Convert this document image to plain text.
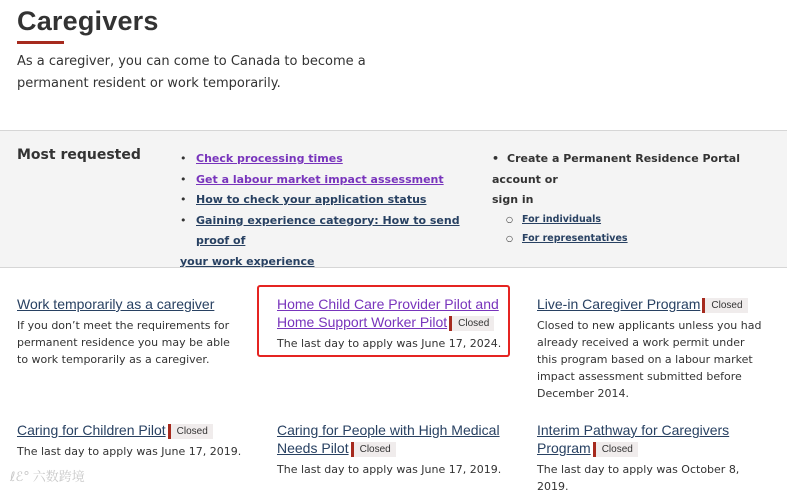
Caregivers

As a caregiver, you can come to Canada to become a permanent resident or work temporarily.

Most requested
•	Check processing times
• Get a labour market impact assessment
• How to check your application status
• Gaining experience category: How to send proof of
your work experience
• Create a Permanent Residence Portal account or
sign in
○ For individuals
○ For representatives
Work temporarily as a caregiver
If you don’t meet the requirements for permanent residence you may be able to work temporarily as a caregiver.
Home Child Care Provider Pilot and
Home Support Worker Pilot Closed
The last day to apply was June 17, 2024.
Live-in Caregiver Program Closed
Closed to new applicants unless you had already received a work permit under this program based on a labour market impact assessment submitted before December 2014.
Caring for Children Pilot Closed
The last day to apply was June 17, 2019.
Caring for People with High Medical
Needs Pilot Closed
The last day to apply was June 17, 2019.
Interim Pathway for Caregivers
Program Closed
The last day to apply was October 8, 2019.
ℓℰ° 六数跨境
